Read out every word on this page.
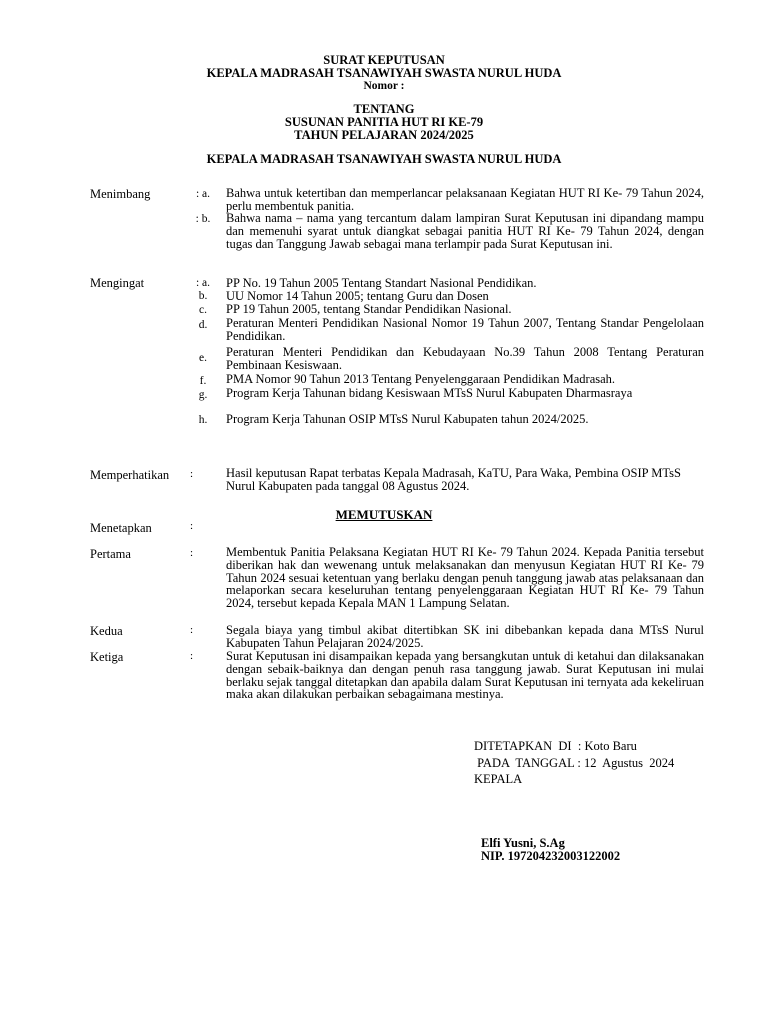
SURAT KEPUTUSAN
KEPALA MADRASAH TSANAWIYAH SWASTA NURUL HUDA
Nomor :
TENTANG
SUSUNAN PANITIA HUT RI KE-79
TAHUN PELAJARAN 2024/2025
KEPALA MADRASAH TSANAWIYAH SWASTA NURUL HUDA
Menimbang	: a.	Bahwa untuk ketertiban dan memperlancar pelaksanaan Kegiatan HUT RI Ke- 79 Tahun 2024, perlu membentuk panitia.
: b.	Bahwa nama – nama yang tercantum dalam lampiran Surat Keputusan ini dipandang mampu dan memenuhi syarat untuk diangkat sebagai panitia HUT RI Ke- 79 Tahun 2024, dengan tugas dan Tanggung Jawab sebagai mana terlampir pada Surat Keputusan ini.
Mengingat	: a.	PP No. 19 Tahun 2005 Tentang Standart Nasional Pendidikan.
b.	UU Nomor 14 Tahun 2005; tentang Guru dan Dosen
c.	PP 19 Tahun 2005, tentang Standar Pendidikan Nasional.
d.	Peraturan Menteri Pendidikan Nasional Nomor 19 Tahun 2007, Tentang Standar Pengelolaan Pendidikan.
e.	Peraturan Menteri Pendidikan dan Kebudayaan No.39 Tahun 2008 Tentang Peraturan Pembinaan Kesiswaan.
f.	PMA Nomor 90 Tahun 2013 Tentang Penyelenggaraan Pendidikan Madrasah.
g.	Program Kerja Tahunan bidang Kesiswaan MTsS Nurul Kabupaten Dharmasraya
h.	Program Kerja Tahunan OSIP MTsS Nurul Kabupaten tahun 2024/2025.
Memperhatikan :	Hasil keputusan Rapat terbatas Kepala Madrasah, KaTU, Para Waka, Pembina OSIP MTsS Nurul Kabupaten pada tanggal 08 Agustus 2024.
MEMUTUSKAN
Menetapkan	:
Pertama	:	Membentuk Panitia Pelaksana Kegiatan HUT RI Ke- 79 Tahun 2024. Kepada Panitia tersebut diberikan hak dan wewenang untuk melaksanakan dan menyusun Kegiatan HUT RI Ke- 79 Tahun 2024 sesuai ketentuan yang berlaku dengan penuh tanggung jawab atas pelaksanaan dan melaporkan secara keseluruhan tentang penyelenggaraan Kegiatan HUT RI Ke- 79 Tahun 2024, tersebut kepada Kepala MAN 1 Lampung Selatan.
Kedua	:	Segala biaya yang timbul akibat ditertibkan SK ini dibebankan kepada dana MTsS Nurul Kabupaten Tahun Pelajaran 2024/2025.
Ketiga	:	Surat Keputusan ini disampaikan kepada yang bersangkutan untuk di ketahui dan dilaksanakan dengan sebaik-baiknya dan dengan penuh rasa tanggung jawab. Surat Keputusan ini mulai berlaku sejak tanggal ditetapkan dan apabila dalam Surat Keputusan ini ternyata ada kekeliruan maka akan dilakukan perbaikan sebagaimana mestinya.
DITETAPKAN  DI  : Koto Baru
PADA  TANGGAL : 12  Agustus  2024
KEPALA
Elfi Yusni, S.Ag
NIP. 197204232003122002
